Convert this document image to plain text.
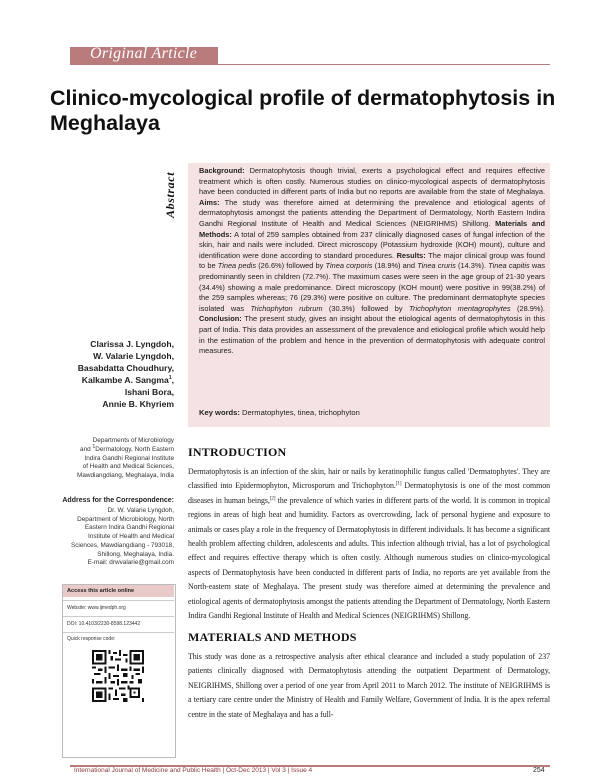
Original Article
Clinico-mycological profile of dermatophytosis in Meghalaya
Abstract
Background: Dermatophytosis though trivial, exerts a psychological effect and requires effective treatment which is often costly. Numerous studies on clinico-mycological aspects of dermatophytosis have been conducted in different parts of India but no reports are available from the state of Meghalaya. Aims: The study was therefore aimed at determining the prevalence and etiological agents of dermatophytosis amongst the patients attending the Department of Dermatology, North Eastern Indira Gandhi Regional Institute of Health and Medical Sciences (NEIGRIHMS) Shillong. Materials and Methods: A total of 259 samples obtained from 237 clinically diagnosed cases of fungal infection of the skin, hair and nails were included. Direct microscopy (Potassium hydroxide (KOH) mount), culture and identification were done according to standard procedures. Results: The major clinical group was found to be Tinea pedis (26.6%) followed by Tinea corporis (18.9%) and Tinea cruris (14.3%). Tinea capitis was predominantly seen in children (72.7%). The maximum cases were seen in the age group of 21-30 years (34.4%) showing a male predominance. Direct microscopy (KOH mount) were positive in 99(38.2%) of the 259 samples whereas; 76 (29.3%) were positive on culture. The predominant dermatophyte species isolated was Trichophyton rubrum (30.3%) followed by Trichophyton mentagrophytes (28.9%). Conclusion: The present study, gives an insight about the etiological agents of dermatophytosis in this part of India. This data provides an assessment of the prevalence and etiological profile which would help in the estimation of the problem and hence in the prevention of dermatophytosis with adequate control measures.
Key words: Dermatophytes, tinea, trichophyton
Clarissa J. Lyngdoh,
W. Valarie Lyngdoh,
Basabdatta Choudhury,
Kalkambe A. Sangma$^1$,
Ishani Bora,
Annie B. Khyriem
Departments of Microbiology
and $^1$Dermatology, North Eastern
Indira Gandhi Regional Institute
of Health and Medical Sciences,
Mawdiangdiang, Meghalaya, India
Address for the Correspondence:
Dr. W. Valarie Lyngdoh,
Department of Microbiology, North
Eastern Indira Gandhi Regional
Institute of Health and Medical
Sciences, Mawdiangdiang - 793018,
Shillong, Meghalaya, India.
E-mail: drwvalarie@gmail.com
Access this article online
Website: www.ijmedph.org
DOI: 10.4103/2230-8598.123442
Quick response code:
INTRODUCTION
Dermatophytosis is an infection of the skin, hair or nails by keratinophilic fungus called 'Dermatophytes'. They are classified into Epidermophyton, Microsporum and Trichophyton.[1] Dermatophytosis is one of the most common diseases in human beings,[2] the prevalence of which varies in different parts of the world. It is common in tropical regions in areas of high heat and humidity. Factors as overcrowding, lack of personal hygiene and exposure to animals or cases play a role in the frequency of Dermatophytosis in different individuals. It has become a significant health problem affecting children, adolescents and adults. This infection although trivial, has a lot of psychological effect and requires effective therapy which is often costly. Although numerous studies on clinico-mycological aspects of Dermatophytosis have been conducted in different parts of India, no reports are yet available from the North-eastern state of Meghalaya. The present study was therefore aimed at determining the prevalence and etiological agents of dermatophytosis amongst the patients attending the Department of Dermatology, North Eastern Indira Gandhi Regional Institute of Health and Medical Sciences (NEIGRIHMS) Shillong.
MATERIALS AND METHODS
This study was done as a retrospective analysis after ethical clearance and included a study population of 237 patients clinically diagnosed with Dermatophytosis attending the outpatient Department of Dermatology, NEIGRIHMS, Shillong over a period of one year from April 2011 to March 2012. The institute of NEIGRIHMS is a tertiary care centre under the Ministry of Health and Family Welfare, Government of India. It is the apex referral centre in the state of Meghalaya and has a full-
International Journal of Medicine and Public Health | Oct-Dec 2013 | Vol 3 | Issue 4	254
